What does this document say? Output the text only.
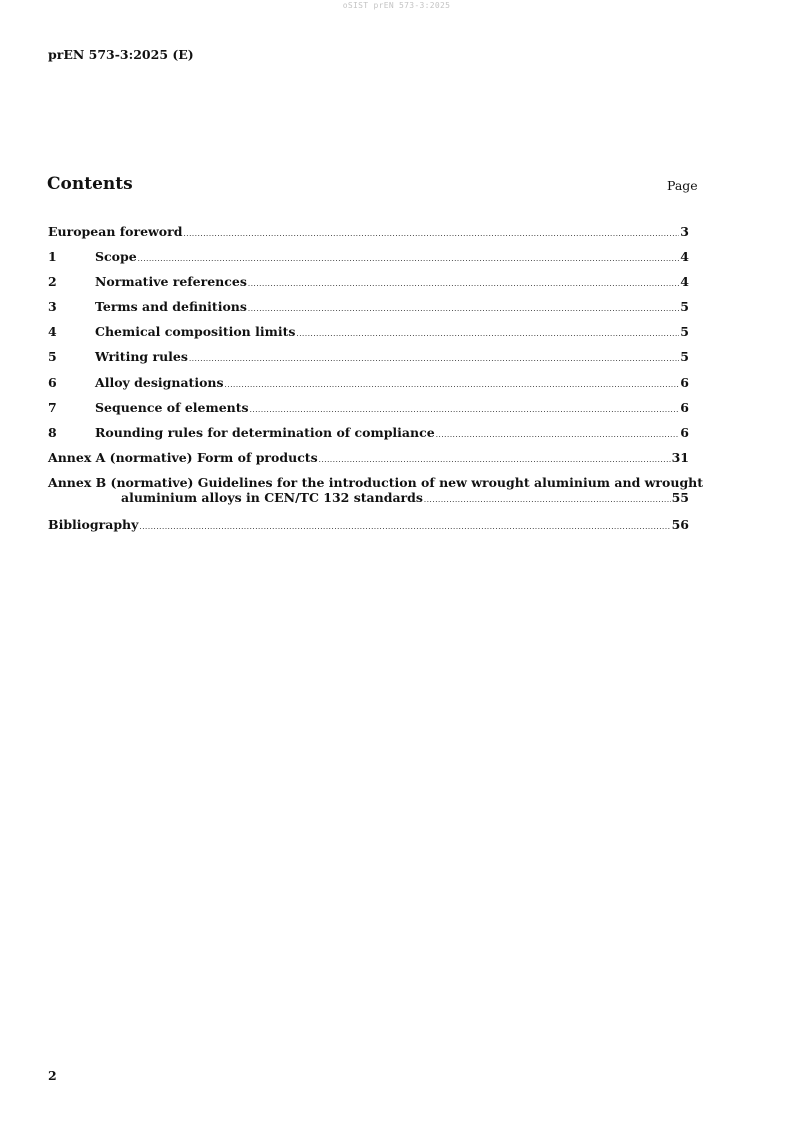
oSIST prEN 573-3:2025
prEN 573-3:2025 (E)
Contents	Page
European foreword .....	3
1	Scope .....	4
2	Normative references .....	4
3	Terms and definitions .....	5
4	Chemical composition limits .....	5
5	Writing rules .....	5
6	Alloy designations .....	6
7	Sequence of elements .....	6
8	Rounding rules for determination of compliance .....	6
Annex A (normative) Form of products .....	31
Annex B (normative) Guidelines for the introduction of new wrought aluminium and wrought
aluminium alloys in CEN/TC 132 standards .....	55
Bibliography .....	56
2
